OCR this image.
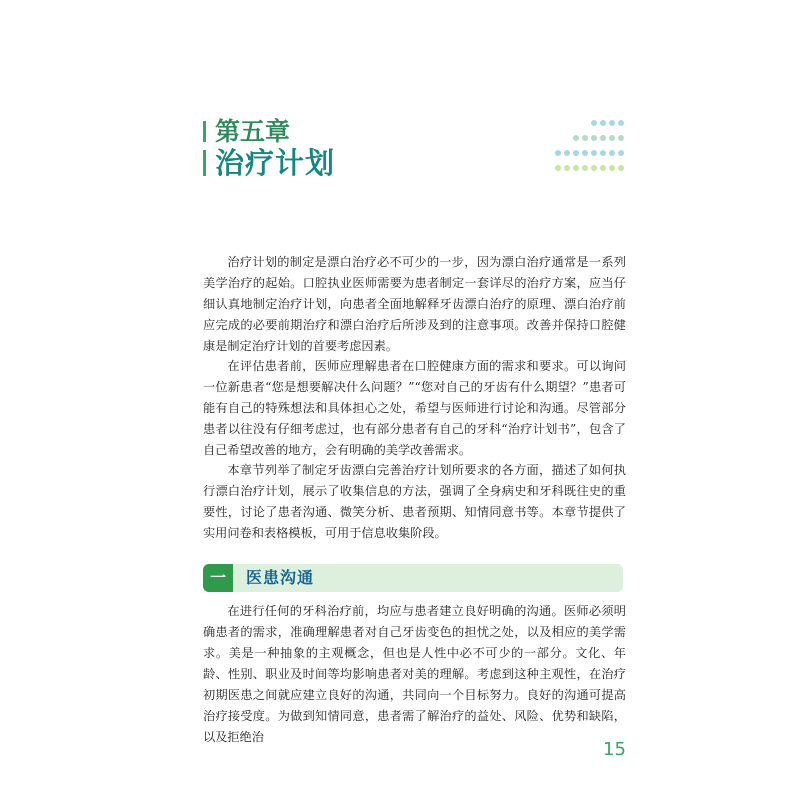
第五章
治疗计划

治疗计划的制定是漂白治疗必不可少的一步，因为漂白治疗通常是一系列美学治疗的起始。口腔执业医师需要为患者制定一套详尽的治疗方案，应当仔细认真地制定治疗计划，向患者全面地解释牙齿漂白治疗的原理、漂白治疗前应完成的必要前期治疗和漂白治疗后所涉及到的注意事项。改善并保持口腔健康是制定治疗计划的首要考虑因素。

在评估患者前，医师应理解患者在口腔健康方面的需求和要求。可以询问一位新患者“您是想要解决什么问题？”“您对自己的牙齿有什么期望？”患者可能有自己的特殊想法和具体担心之处，希望与医师进行讨论和沟通。尽管部分患者以往没有仔细考虑过，也有部分患者有自己的牙科“治疗计划书”，包含了自己希望改善的地方，会有明确的美学改善需求。

本章节列举了制定牙齿漂白完善治疗计划所要求的各方面，描述了如何执行漂白治疗计划，展示了收集信息的方法，强调了全身病史和牙科既往史的重要性，讨论了患者沟通、微笑分析、患者预期、知情同意书等。本章节提供了实用问卷和表格模板，可用于信息收集阶段。

一	医患沟通

在进行任何的牙科治疗前，均应与患者建立良好明确的沟通。医师必须明确患者的需求，准确理解患者对自己牙齿变色的担忧之处，以及相应的美学需求。美是一种抽象的主观概念，但也是人性中必不可少的一部分。文化、年龄、性别、职业及时间等均影响患者对美的理解。考虑到这种主观性，在治疗初期医患之间就应建立良好的沟通，共同向一个目标努力。良好的沟通可提高治疗接受度。为做到知情同意，患者需了解治疗的益处、风险、优势和缺陷，以及拒绝治

15
